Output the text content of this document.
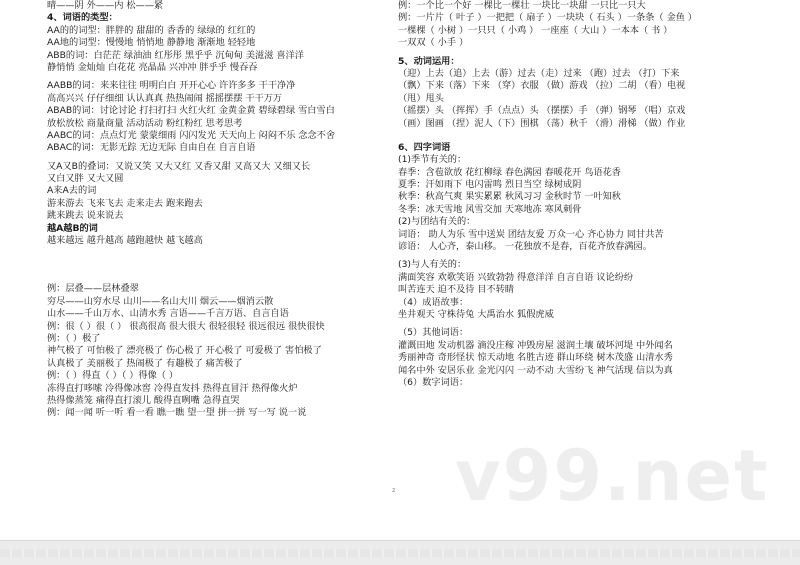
晴——阴 外——内 松——紧
4、词语的类型：
AA的的词型：胖胖的 甜甜的 香香的 绿绿的 红红的
AA地的词型：慢慢地 悄悄地 静静地 渐渐地 轻轻地
ABB的词：白茫茫 绿油油 红彤彤 黑乎乎 沉甸甸 美滋滋 喜洋洋
静悄悄 金灿灿 白花花 亮晶晶 兴冲冲 胖乎乎 慢吞吞
AABB的词：来来往往 明明白白 开开心心 许许多多 干干净净
高高兴兴 仔仔细细 认认真真 热热闹闹 摇摇摆摆 干干万万
ABAB的词：讨论讨论 打扫打扫 火红火红 金黄金黄 碧绿碧绿 雪白雪白
放松放松 商量商量 活动活动 粉红粉红 思考思考
AABC的词：点点灯光 蒙蒙细雨 闪闪发光 天天向上 闷闷不乐 念念不舍
ABAC的词：无影无踪 无边无际 自由自在 自言自语
又A又B的叠词：又说又笑 又大又红 又香又甜 又高又大 又细又长
又白又胖 又大又圆
A来A去的词
游来游去 飞来飞去 走来走去 跑来跑去
跳来跳去 说来说去
越A越B的词
越来越远 越升越高 越跑越快 越飞越高
例：层叠——层林叠翠
穷尽——山穷水尽 山川——名山大川 烟云——烟消云散
山水——千山万水、山清水秀 言语——千言万语、自言自语
例：很（ ）很（ ） 很高很高 很大很大 很轻很轻 很远很远 很快很快
例：（ ）极了
神气极了 可怕极了 漂亮极了 伤心极了 开心极了 可爱极了 害怕极了
认真极了 美丽极了 热闹极了 有趣极了 痛苦极了
例：（ ）得直（ ）（ ）得像（ ）
冻得直打哆嗦 冷得像冰窖 冷得直发抖 热得直冒汗 热得像火炉
热得像蒸笼 痛得直打滚儿 酸得直咧嘴 急得直哭
例：闻一闻 听一听 看一看 瞧一瞧 望一望 拼一拼 写一写 说一说
例：一个比一个好 一棵比一棵壮 一块比一块甜 一只比一只大
例：一片片（ 叶子 ）一把把（ 扇子 ）一块块（ 石头 ）一条条（ 金鱼 ）
一棵棵（ 小树 ）一只只（ 小鸡 ） 一座座（ 大山 ）一本本（ 书 ）
一双双（ 小手 ）
5、动词运用：
（迎）上去（追）上去（游）过去（走）过来 （跑）过去 （打）下来
（飘）下来（落）下来 （穿）衣服 （做）游戏 （拉）二胡 （看）电视
（甩）甩头
（摇摆）头 （挥挥）手（点点）头 （摆摆）手 （弹）钢琴 （唱）京戏
（画）图画 （捏）泥人（下）围棋 （荡）秋千 （滑）滑梯 （做）作业
6、四字词语
(1)季节有关的：
春季：含苞欲放 花红柳绿 春色满园 春暖花开 鸟语花香
夏季：汗如雨下 电闪雷鸣 烈日当空 绿树成阴
秋季：秋高气爽 果实累累 秋风习习 金秋时节 一叶知秋
冬季：冰天雪地 风雪交加 天寒地冻 寒风刺骨
(2)与团结有关的：
词语： 助人为乐 雪中送炭 团结友爱 万众一心 齐心协力 同甘共苦
谚语： 人心齐，泰山移。 一花独放不是春，百花齐放春满园。
(3)与人有关的：
满面笑容 欢歌笑语 兴致勃勃 得意洋洋 自言自语 议论纷纷
叫苦连天 迫不及待 目不转睛
（4）成语故事：
坐井观天 守株待兔 大禹治水 狐假虎威
（5）其他词语：
灌溉田地 发动机器 滴没庄稼 冲毁房屋 滋润土壤 破坏河堤 中外闻名
秀丽神奇 奇形怪状 惊天动地 名胜古迹 群山环绕 树木茂盛 山清水秀
闻名中外 安居乐业 金光闪闪 一动不动 大雪纷飞 神气活现 信以为真
（6）数字词语：
2 v99.net
